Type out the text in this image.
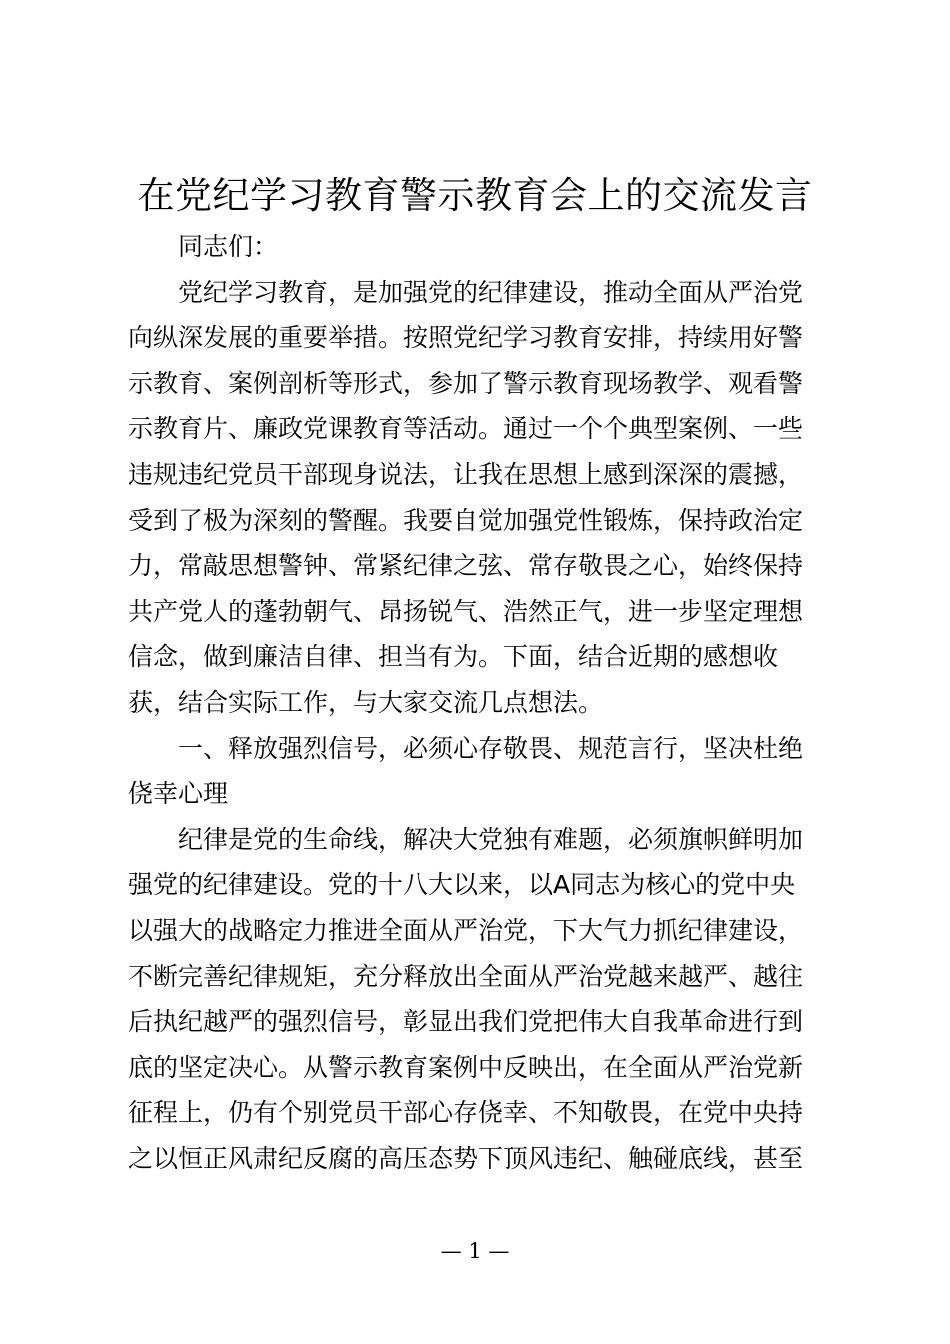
在党纪学习教育警示教育会上的交流发言
同志们：
党纪学习教育，是加强党的纪律建设，推动全面从严治党
向纵深发展的重要举措。按照党纪学习教育安排，持续用好警
示教育、案例剖析等形式，参加了警示教育现场教学、观看警
示教育片、廉政党课教育等活动。通过一个个典型案例、一些
违规违纪党员干部现身说法，让我在思想上感到深深的震撼，
受到了极为深刻的警醒。我要自觉加强党性锻炼，保持政治定
力，常敲思想警钟、常紧纪律之弦、常存敬畏之心，始终保持
共产党人的蓬勃朝气、昂扬锐气、浩然正气，进一步坚定理想
信念，做到廉洁自律、担当有为。下面，结合近期的感想收
获，结合实际工作，与大家交流几点想法。
一、释放强烈信号，必须心存敬畏、规范言行，坚决杜绝
侥幸心理
纪律是党的生命线，解决大党独有难题，必须旗帜鲜明加
强党的纪律建设。党的十八大以来，以A同志为核心的党中央
以强大的战略定力推进全面从严治党，下大气力抓纪律建设，
不断完善纪律规矩，充分释放出全面从严治党越来越严、越往
后执纪越严的强烈信号，彰显出我们党把伟大自我革命进行到
底的坚定决心。从警示教育案例中反映出，在全面从严治党新
征程上，仍有个别党员干部心存侥幸、不知敬畏，在党中央持
之以恒正风肃纪反腐的高压态势下顶风违纪、触碰底线，甚至
— 1 —
